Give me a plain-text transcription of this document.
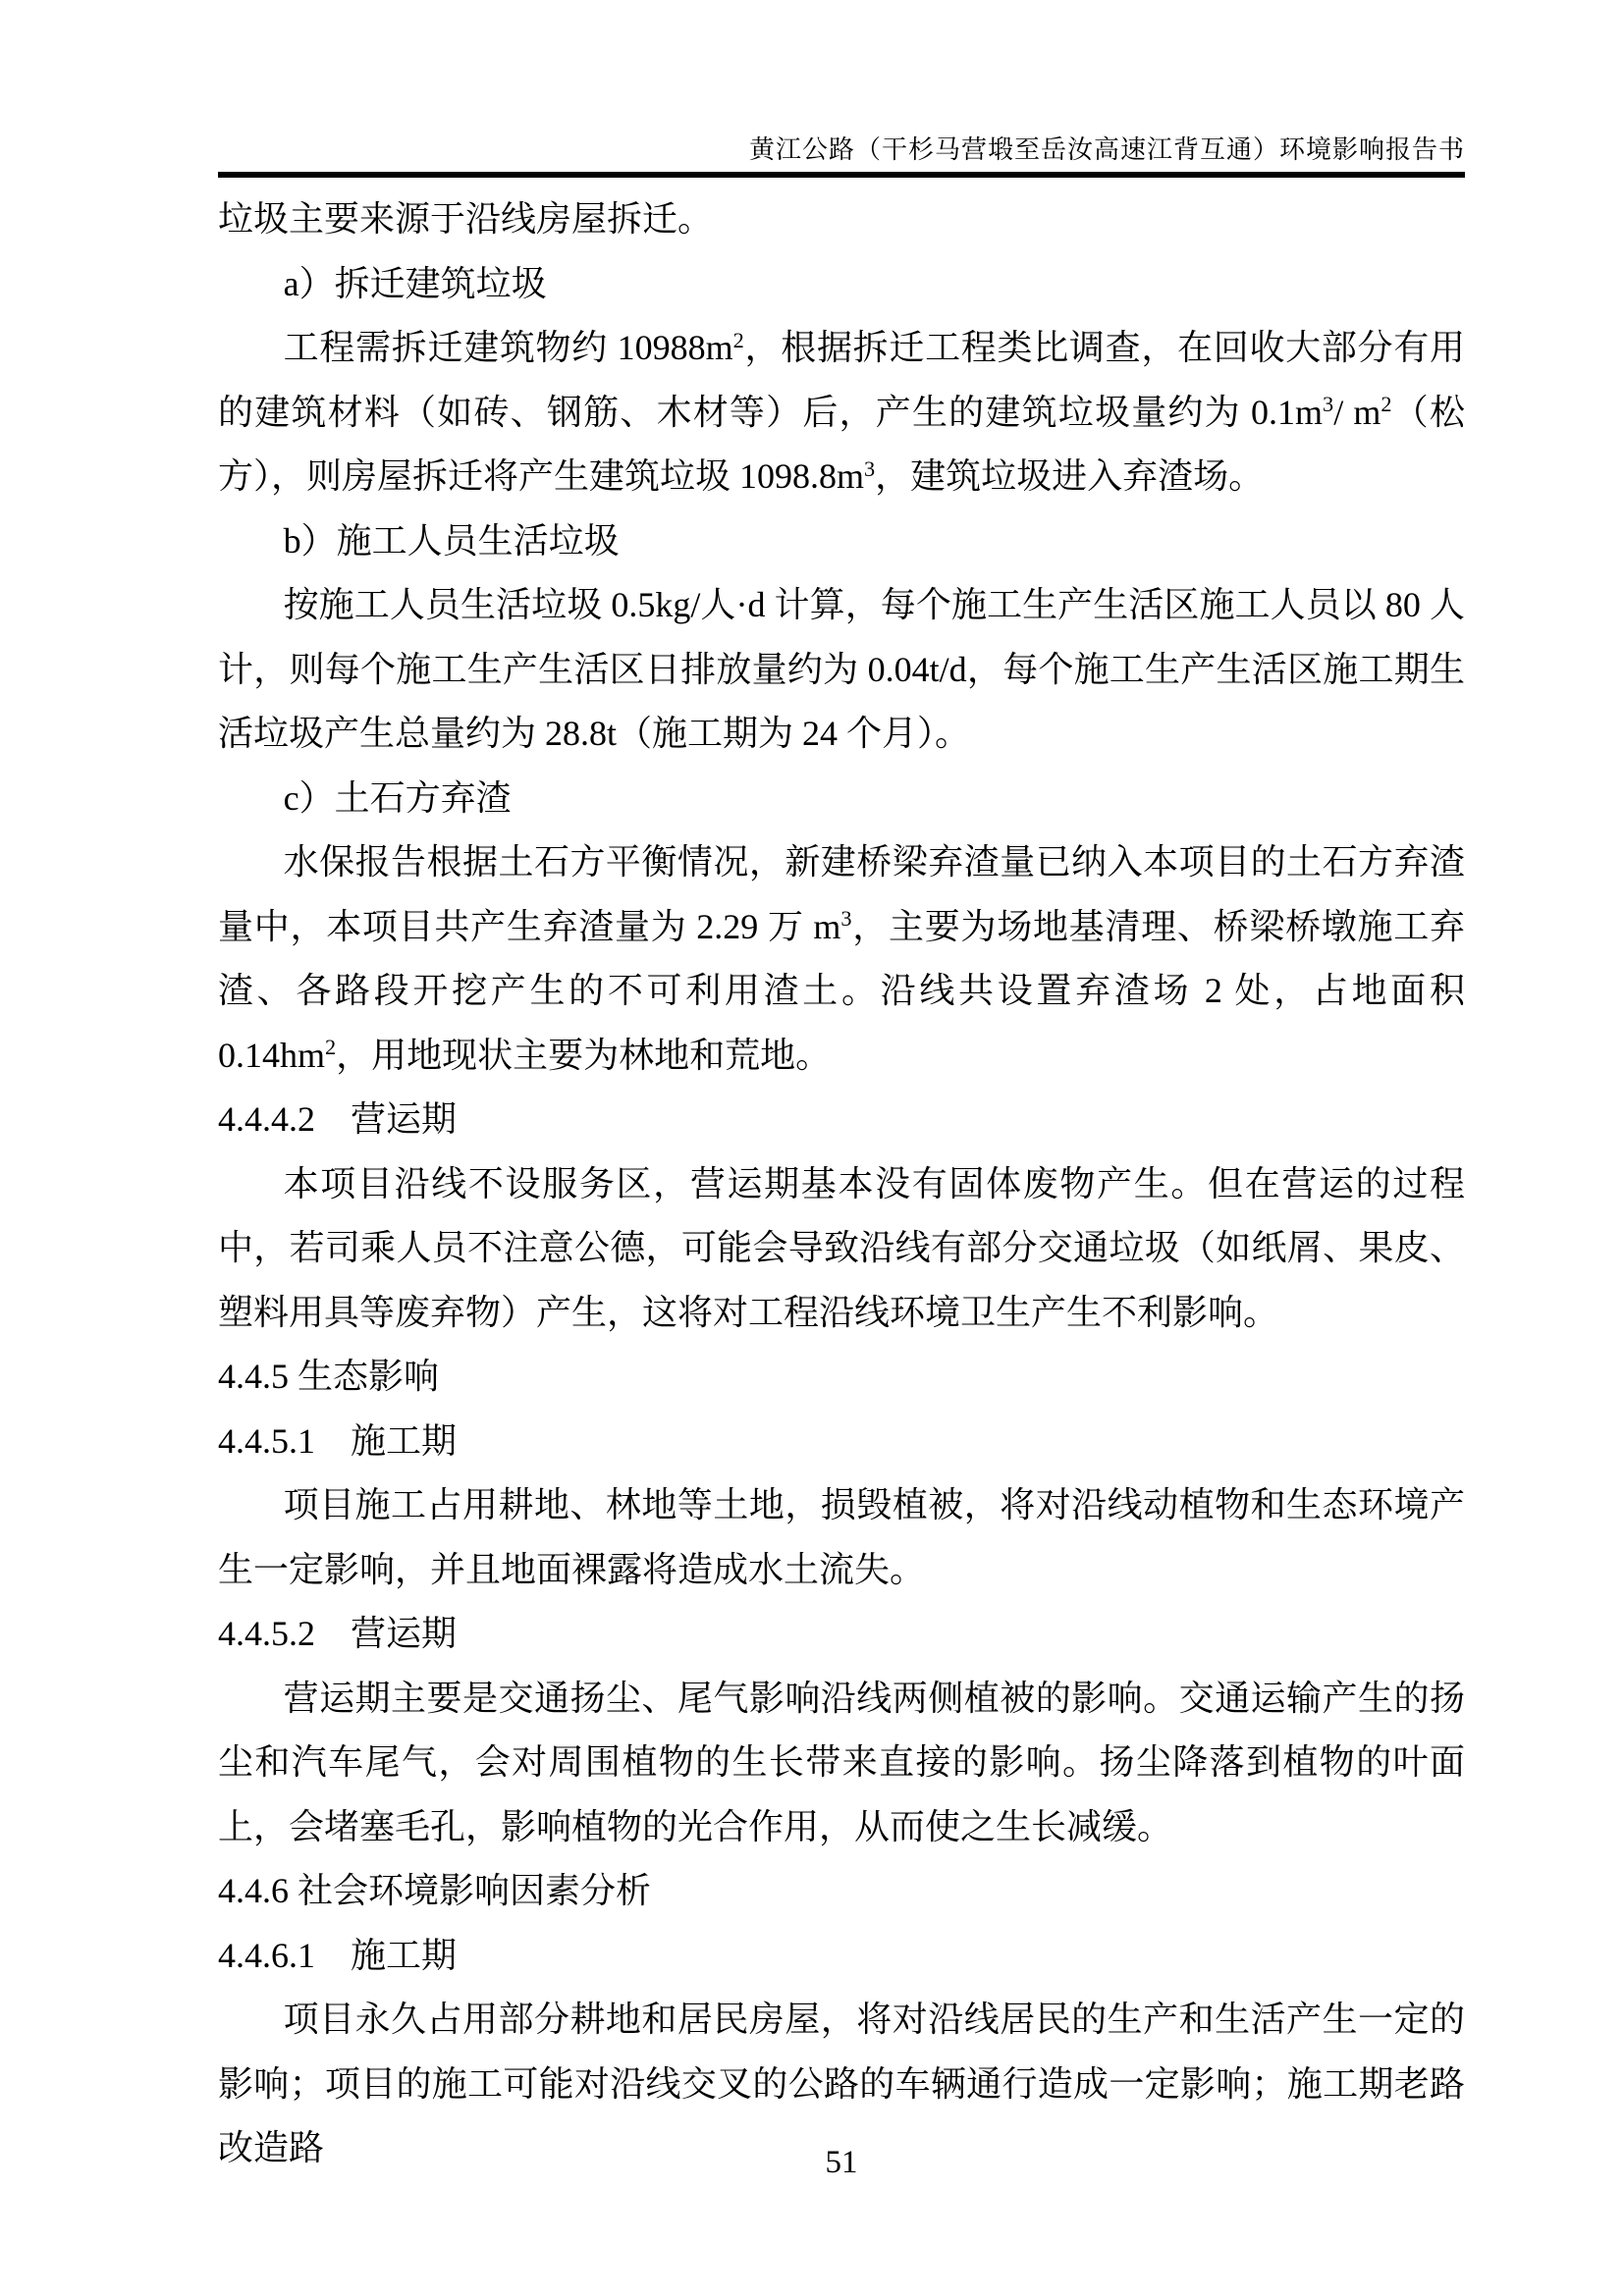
黄江公路（干杉马营塅至岳汝高速江背互通）环境影响报告书

垃圾主要来源于沿线房屋拆迁。

a）拆迁建筑垃圾

工程需拆迁建筑物约 $10988m^2$，根据拆迁工程类比调查，在回收大部分有用的建筑材料（如砖、钢筋、木材等）后，产生的建筑垃圾量约为 $0.1m^3/$ $m^2$（松方），则房屋拆迁将产生建筑垃圾 $1098.8m^3$，建筑垃圾进入弃渣场。

b）施工人员生活垃圾

按施工人员生活垃圾 0.5kg/人·d 计算，每个施工生产生活区施工人员以 80 人计，则每个施工生产生活区日排放量约为 0.04t/d，每个施工生产生活区施工期生活垃圾产生总量约为 28.8t（施工期为 24 个月）。

c）土石方弃渣

水保报告根据土石方平衡情况，新建桥梁弃渣量已纳入本项目的土石方弃渣量中，本项目共产生弃渣量为 2.29 万 $m^3$，主要为场地基清理、桥梁桥墩施工弃渣、各路段开挖产生的不可利用渣土。沿线共设置弃渣场 2 处，占地面积 $0.14hm^2$，用地现状主要为林地和荒地。

4.4.4.2　营运期

本项目沿线不设服务区，营运期基本没有固体废物产生。但在营运的过程中，若司乘人员不注意公德，可能会导致沿线有部分交通垃圾（如纸屑、果皮、塑料用具等废弃物）产生，这将对工程沿线环境卫生产生不利影响。

4.4.5 生态影响

4.4.5.1　施工期

项目施工占用耕地、林地等土地，损毁植被，将对沿线动植物和生态环境产生一定影响，并且地面裸露将造成水土流失。

4.4.5.2　营运期

营运期主要是交通扬尘、尾气影响沿线两侧植被的影响。交通运输产生的扬尘和汽车尾气，会对周围植物的生长带来直接的影响。扬尘降落到植物的叶面上，会堵塞毛孔，影响植物的光合作用，从而使之生长减缓。

4.4.6 社会环境影响因素分析

4.4.6.1　施工期

项目永久占用部分耕地和居民房屋，将对沿线居民的生产和生活产生一定的影响；项目的施工可能对沿线交叉的公路的车辆通行造成一定影响；施工期老路改造路	51
